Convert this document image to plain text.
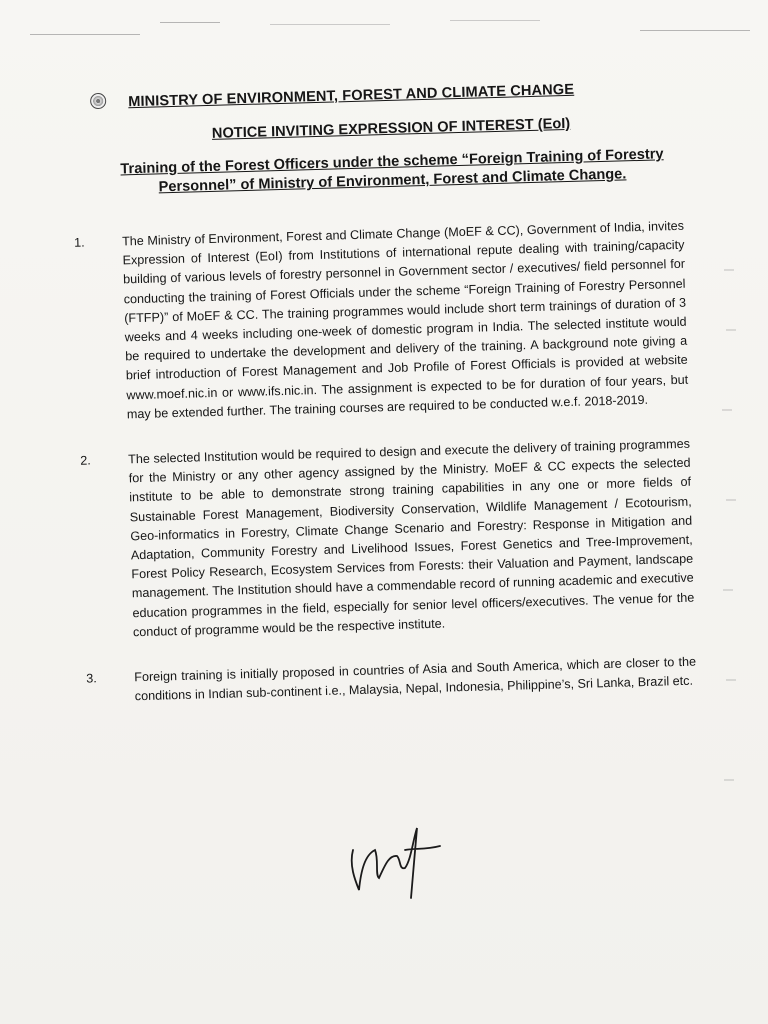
MINISTRY OF ENVIRONMENT, FOREST AND CLIMATE CHANGE
NOTICE INVITING EXPRESSION OF INTEREST (EoI)
Training of the Forest Officers under the scheme “Foreign Training of Forestry Personnel” of Ministry of Environment, Forest and Climate Change.
1.	The Ministry of Environment, Forest and Climate Change (MoEF & CC), Government of India, invites Expression of Interest (EoI) from Institutions of international repute dealing with training/capacity building of various levels of forestry personnel in Government sector / executives/ field personnel for conducting the training of Forest Officials under the scheme “Foreign Training of Forestry Personnel (FTFP)” of MoEF & CC. The training programmes would include short term trainings of duration of 3 weeks and 4 weeks including one-week of domestic program in India. The selected institute would be required to undertake the development and delivery of the training. A background note giving a brief introduction of Forest Management and Job Profile of Forest Officials is provided at website www.moef.nic.in or www.ifs.nic.in. The assignment is expected to be for duration of four years, but may be extended further. The training courses are required to be conducted w.e.f. 2018-2019.
2.	The selected Institution would be required to design and execute the delivery of training programmes for the Ministry or any other agency assigned by the Ministry. MoEF & CC expects the selected institute to be able to demonstrate strong training capabilities in any one or more fields of Sustainable Forest Management, Biodiversity Conservation, Wildlife Management / Ecotourism, Geo-informatics in Forestry, Climate Change Scenario and Forestry: Response in Mitigation and Adaptation, Community Forestry and Livelihood Issues, Forest Genetics and Tree-Improvement, Forest Policy Research, Ecosystem Services from Forests: their Valuation and Payment, landscape management. The Institution should have a commendable record of running academic and executive education programmes in the field, especially for senior level officers/executives. The venue for the conduct of programme would be the respective institute.
3.	Foreign training is initially proposed in countries of Asia and South America, which are closer to the conditions in Indian sub-continent i.e., Malaysia, Nepal, Indonesia, Philippine’s, Sri Lanka, Brazil etc.
